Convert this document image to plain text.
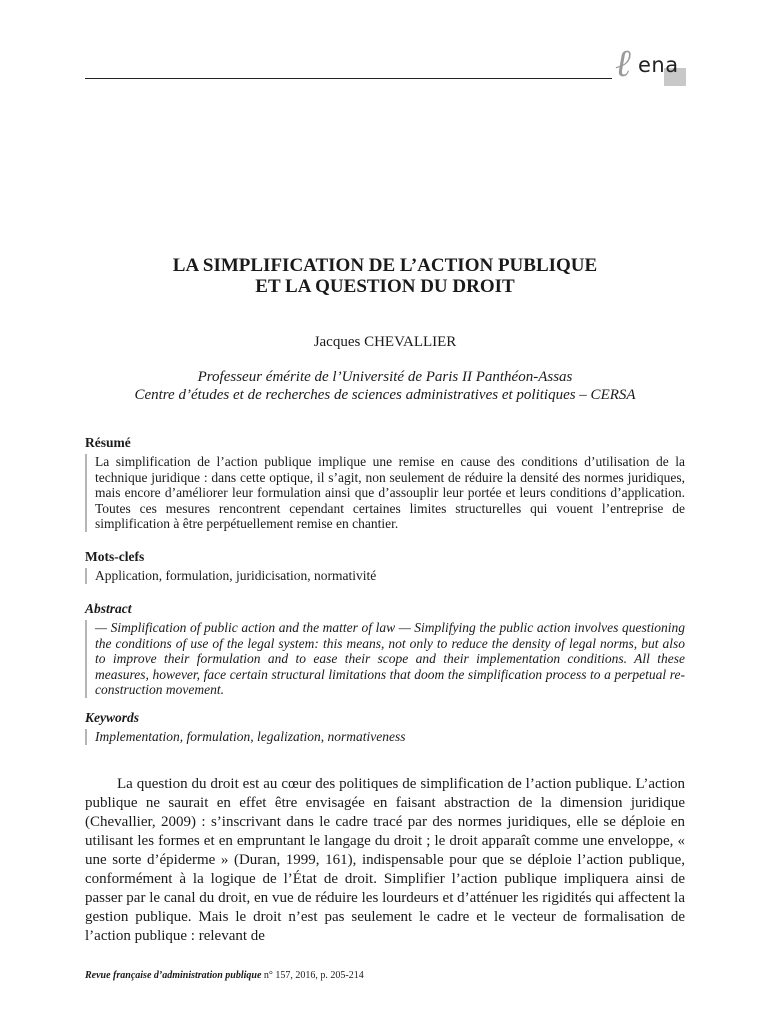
ℓ ena
LA SIMPLIFICATION DE L’ACTION PUBLIQUE
ET LA QUESTION DU DROIT
Jacques CHEVALLIER
Professeur émérite de l’Université de Paris II Panthéon-Assas
Centre d’études et de recherches de sciences administratives et politiques – CERSA
Résumé
La simplification de l’action publique implique une remise en cause des conditions d’utilisation de la technique juridique : dans cette optique, il s’agit, non seulement de réduire la densité des normes juridiques, mais encore d’améliorer leur formulation ainsi que d’assouplir leur portée et leurs conditions d’application. Toutes ces mesures rencontrent cependant certaines limites structurelles qui vouent l’entreprise de simplification à être perpétuellement remise en chantier.
Mots-clefs
Application, formulation, juridicisation, normativité
Abstract
— Simplification of public action and the matter of law — Simplifying the public action involves questioning the conditions of use of the legal system: this means, not only to reduce the density of legal norms, but also to improve their formulation and to ease their scope and their implementation conditions. All these measures, however, face certain structural limitations that doom the simplification process to a perpetual re-construction movement.
Keywords
Implementation, formulation, legalization, normativeness

La question du droit est au cœur des politiques de simplification de l’action publique. L’action publique ne saurait en effet être envisagée en faisant abstraction de la dimension juridique (Chevallier, 2009) : s’inscrivant dans le cadre tracé par des normes juridiques, elle se déploie en utilisant les formes et en empruntant le langage du droit ; le droit apparaît comme une enveloppe, « une sorte d’épiderme » (Duran, 1999, 161), indispensable pour que se déploie l’action publique, conformément à la logique de l’État de droit. Simplifier l’action publique impliquera ainsi de passer par le canal du droit, en vue de réduire les lourdeurs et d’atténuer les rigidités qui affectent la gestion publique. Mais le droit n’est pas seulement le cadre et le vecteur de formalisation de l’action publique : relevant de

Revue française d’administration publique n° 157, 2016, p. 205-214
